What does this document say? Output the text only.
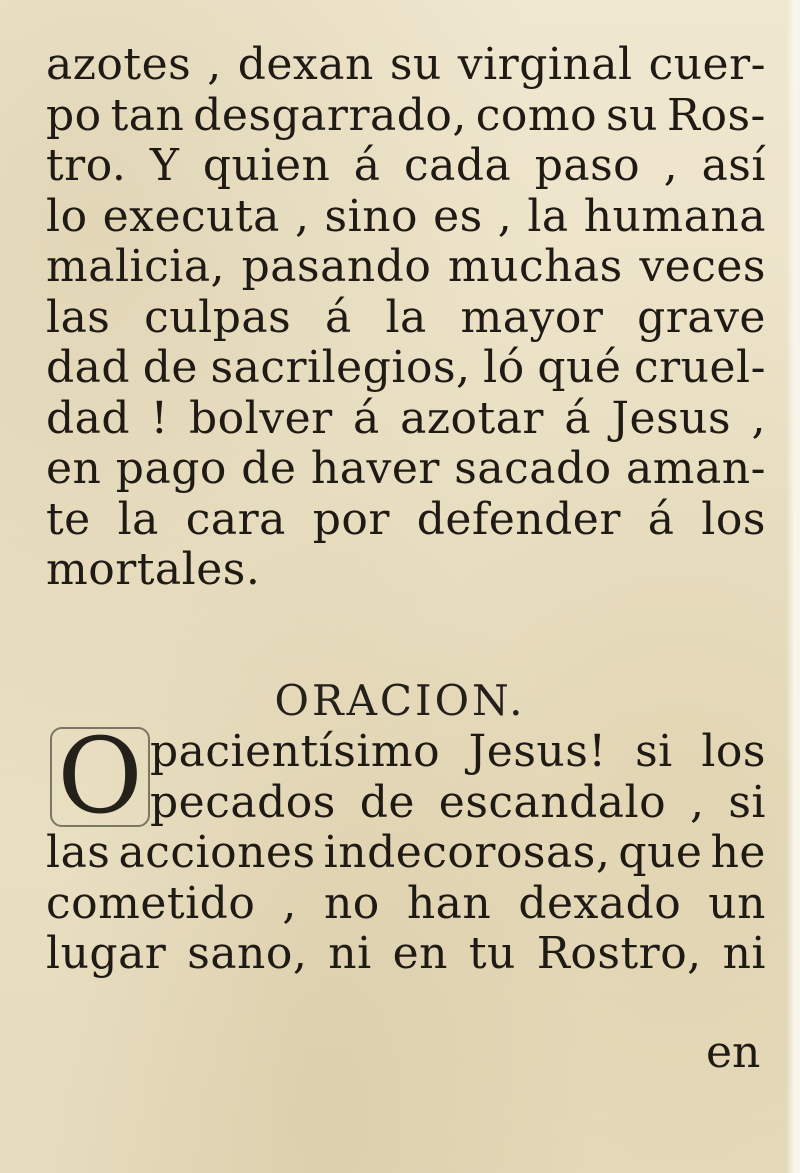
azotes , dexan su virginal cuer-
po tan desgarrado, como su Ros-
tro. Y quien á cada paso , así
lo executa , sino es , la humana
malicia, pasando muchas veces
las culpas á la mayor grave
dad de sacrilegios, ló qué cruel-
dad ! bolver á azotar á Jesus ,
en pago de haver sacado aman-
te la cara por defender á los
mortales.
ORACION.
O pacientísimo Jesus! si los
pecados de escandalo , si
las acciones indecorosas, que he
cometido , no han dexado un
lugar sano, ni en tu Rostro, ni
en
